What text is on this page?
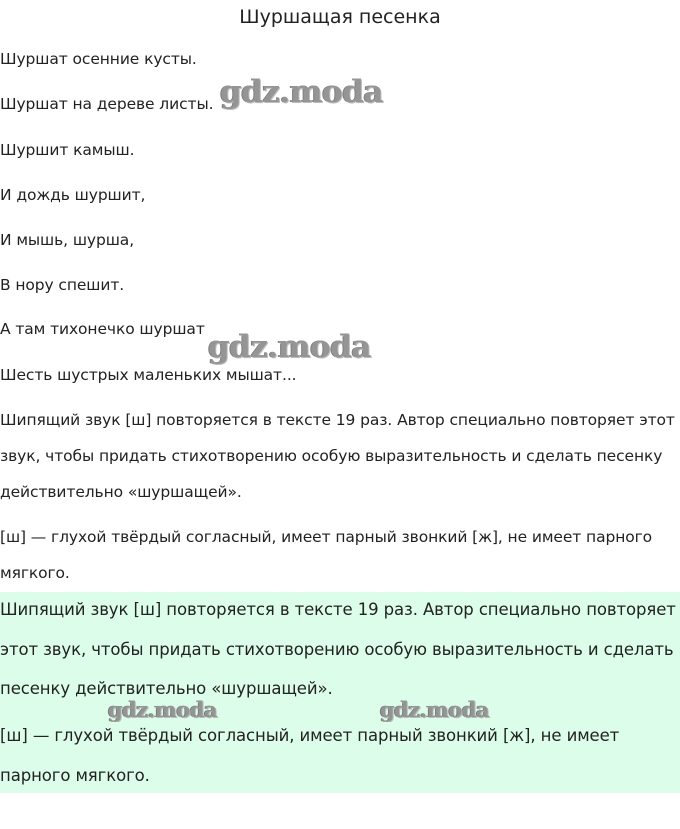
Шуршащая песенка
Шуршат осенние кусты.
Шуршат на дереве листы.
Шуршит камыш.
И дождь шуршит,
И мышь, шурша,
В нору спешит.
А там тихонечко шуршат
Шесть шустрых маленьких мышат...
Шипящий звук [ш] повторяется в тексте 19 раз. Автор специально повторяет этот звук, чтобы придать стихотворению особую выразительность и сделать песенку действительно «шуршащей».
[ш] — глухой твёрдый согласный, имеет парный звонкий [ж], не имеет парного мягкого.
Шипящий звук [ш] повторяется в тексте 19 раз. Автор специально повторяет этот звук, чтобы придать стихотворению особую выразительность и сделать песенку действительно «шуршащей».
[ш] — глухой твёрдый согласный, имеет парный звонкий [ж], не имеет парного мягкого.
gdz.moda
gdz.moda
gdz.moda	gdz.moda
